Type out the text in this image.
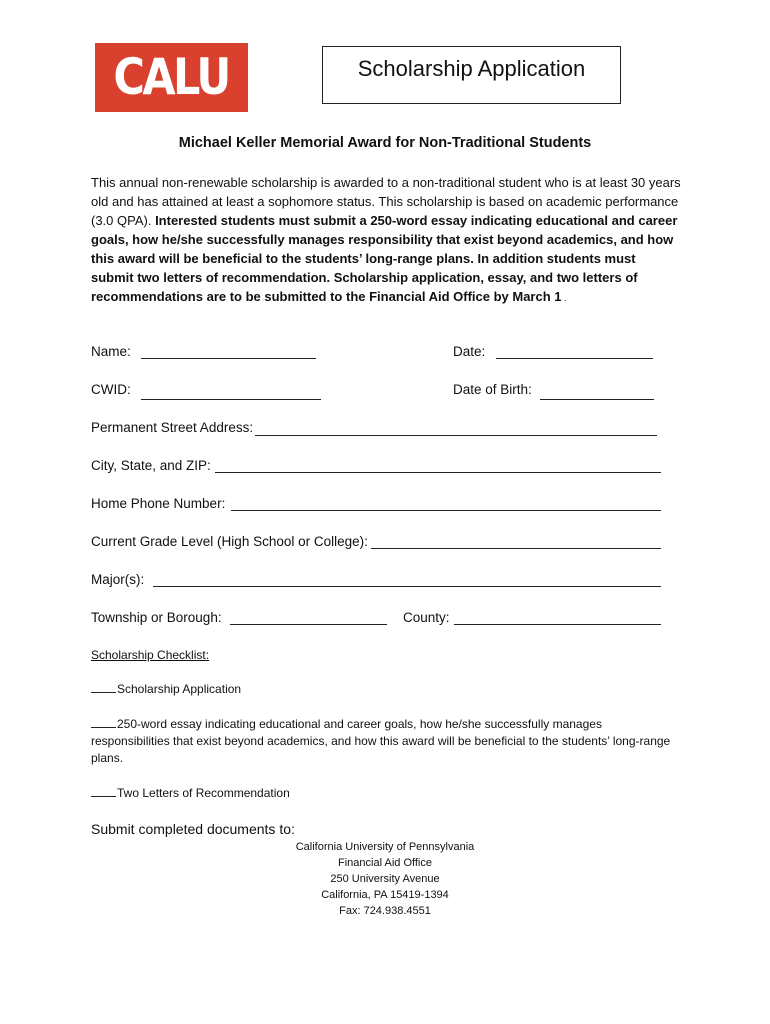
CALU	Scholarship Application
Michael Keller Memorial Award for Non-Traditional Students

This annual non-renewable scholarship is awarded to a non-traditional student who is at least 30 years old and has attained at least a sophomore status. This scholarship is based on academic performance (3.0 QPA). Interested students must submit a 250-word essay indicating educational and career goals, how he/she successfully manages responsibility that exist beyond academics, and how this award will be beneficial to the students’ long-range plans. In addition students must submit two letters of recommendation. Scholarship application, essay, and two letters of recommendations are to be submitted to the Financial Aid Office by March 1 .

Name:	Date:
CWID:	Date of Birth:
Permanent Street Address:
City, State, and ZIP:
Home Phone Number:
Current Grade Level (High School or College):
Major(s):
Township or Borough:	County:
Scholarship Checklist:

Scholarship Application

250-word essay indicating educational and career goals, how he/she successfully manages responsibilities that exist beyond academics, and how this award will be beneficial to the students’ long-range plans.

Two Letters of Recommendation

Submit completed documents to:
California University of Pennsylvania
Financial Aid Office
250 University Avenue
California, PA 15419-1394
Fax: 724.938.4551
